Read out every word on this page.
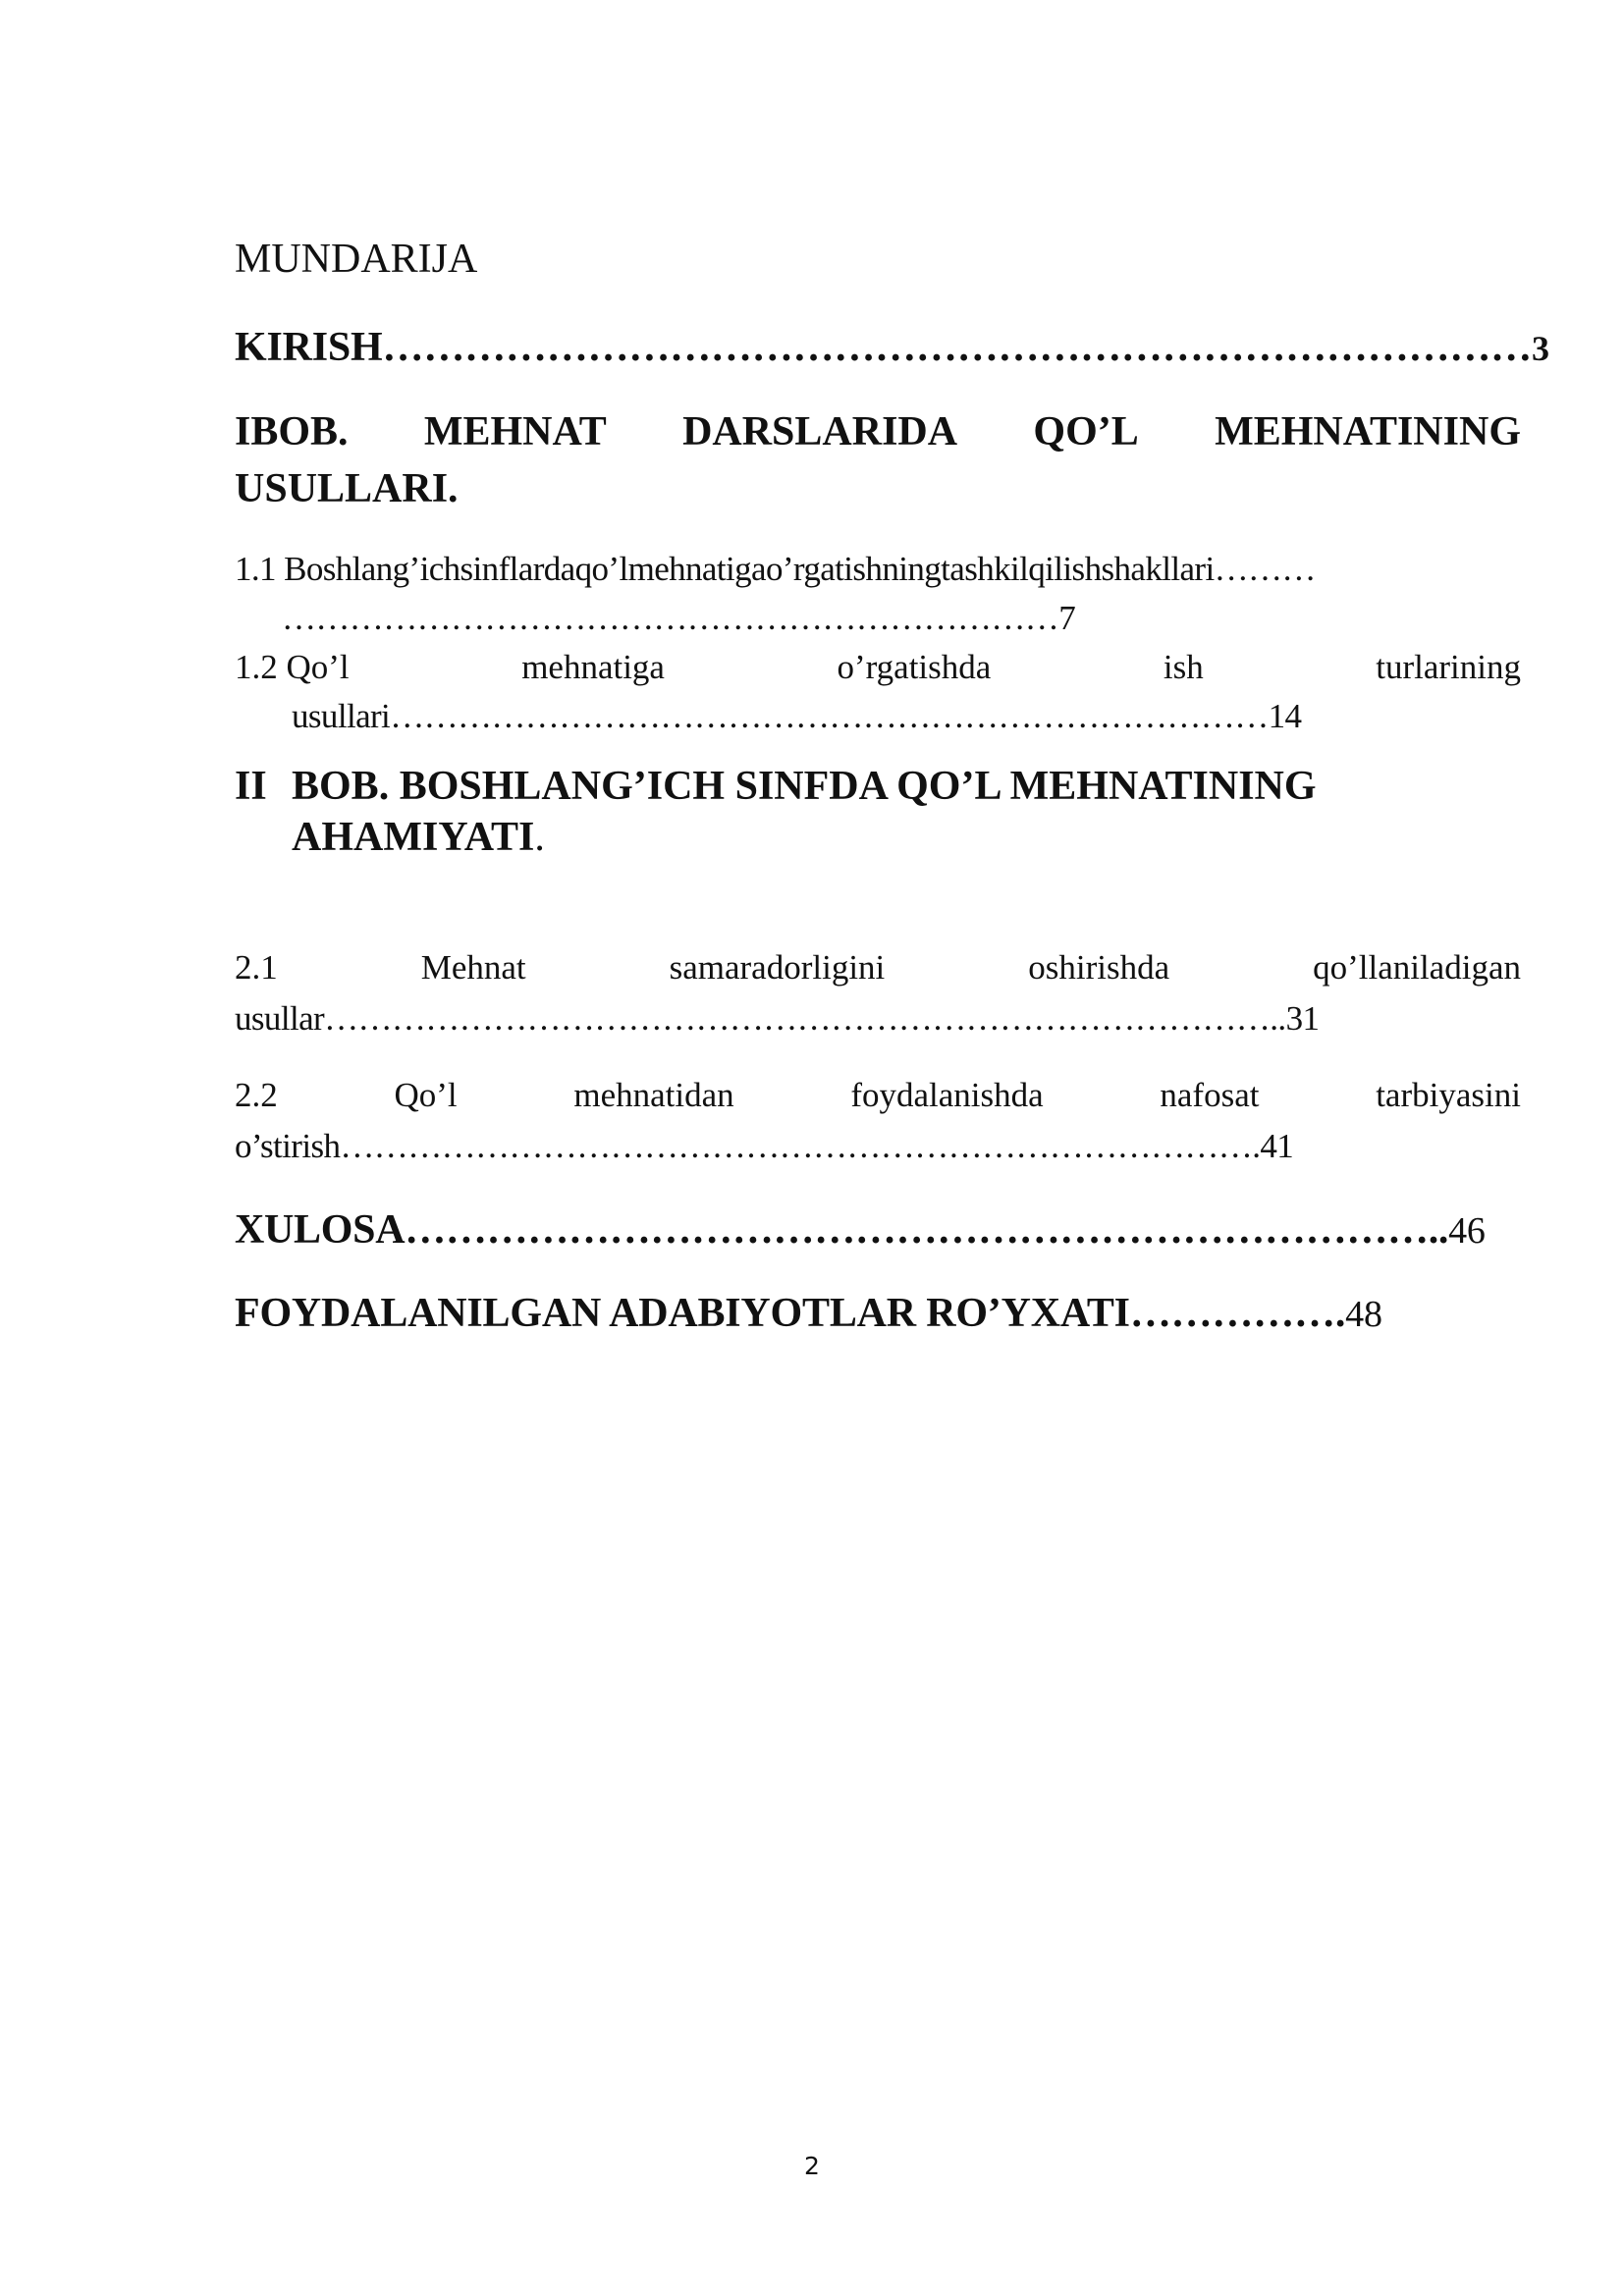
MUNDARIJA

KIRISH…………………………………………………………………………3

IBOB. MEHNAT DARSLARIDA QO’L MEHNATINING
USULLARI.
1.1 Boshlang’ichsinflardaqo’lmehnatigao’rgatishningtashkilqilishshakllari………
……………………………………………………………7
1.2 Qo’l	mehnatiga	o’rgatishda	ish	turlarining
usullari……………………………………………………………………14
II BOB. BOSHLANG’ICH SINFDA QO’L MEHNATINING
AHAMIYATI.
2.1	Mehnat	samaradorligini	oshirishda	qo’llaniladigan
usullar…………………………………………………………………………..31
2.2	Qo’l	mehnatidan	foydalanishda	nafosat	tarbiyasini
o’stirish……………………………………………………………………….41

XULOSA…………………………………………………………………..46

FOYDALANILGAN ADABIYOTLAR RO’YXATI…………….48

2
